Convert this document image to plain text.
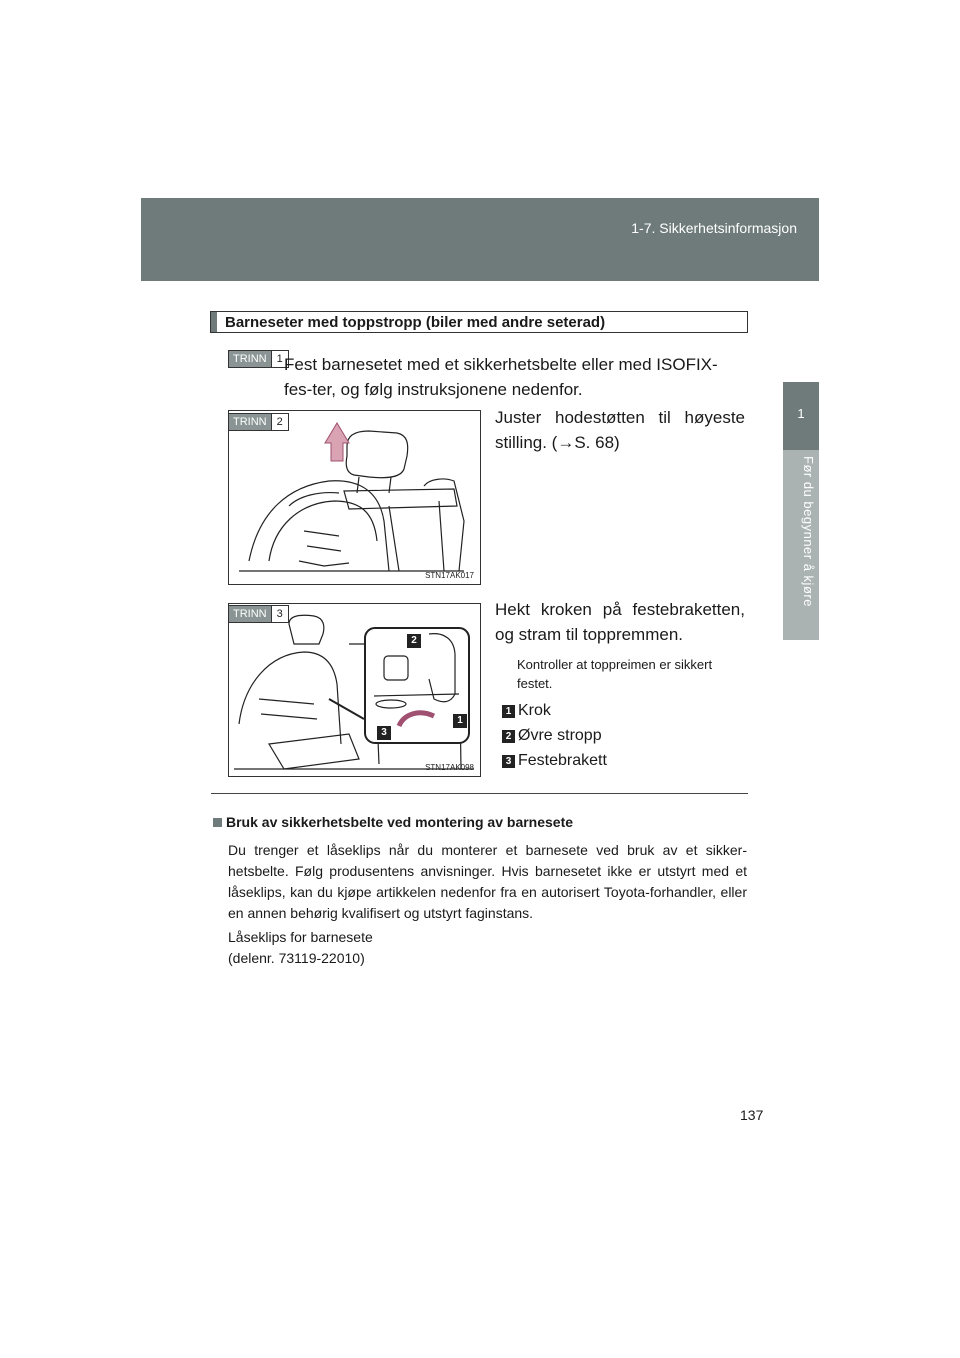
1-7. Sikkerhetsinformasjon
1
Før du begynner å kjøre
Barneseter med toppstropp (biler med andre seterad)
TRINN 1 Fest barnesetet med et sikkerhetsbelte eller med ISOFIX-fes-ter, og følg instruksjonene nedenfor.
STN17AK017
TRINN 2	Juster hodestøtten til høyeste stilling. (→S. 68)
2
1
3
STN17AK098
TRINN 3	Hekt kroken på festebraketten, og stram til toppremmen.
Kontroller at toppreimen er sikkert festet.
1 Krok
2 Øvre stropp
3 Festebrakett
Bruk av sikkerhetsbelte ved montering av barnesete
Du trenger et låseklips når du monterer et barnesete ved bruk av et sikker-hetsbelte. Følg produsentens anvisninger. Hvis barnesetet ikke er utstyrt med et låseklips, kan du kjøpe artikkelen nedenfor fra en autorisert Toyota-forhandler, eller en annen behørig kvalifisert og utstyrt faginstans.
Låseklips for barnesete
(delenr. 73119-22010)
137
